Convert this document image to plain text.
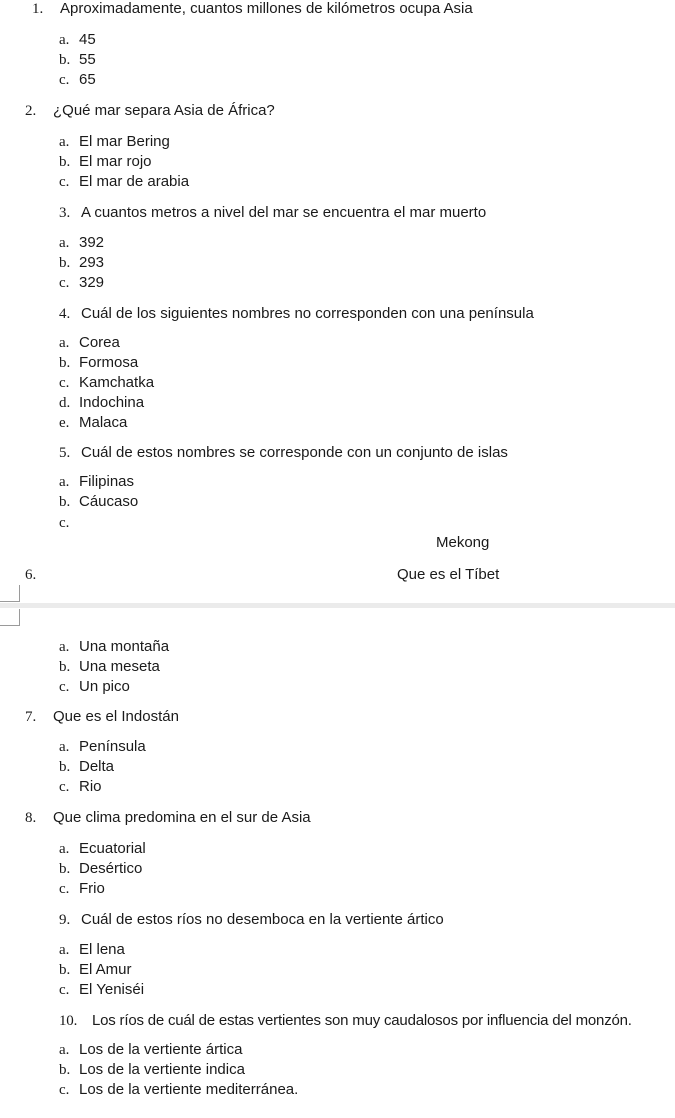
1. Aproximadamente, cuantos millones de kilómetros ocupa Asia
a. 45
b. 55
c. 65
2. ¿Qué mar separa Asia de África?
a. El mar Bering
b. El mar rojo
c. El mar de arabia
3. A cuantos metros a nivel del mar se encuentra el mar muerto
a. 392
b. 293
c. 329
4. Cuál de los siguientes nombres no corresponden con una península
a. Corea
b. Formosa
c. Kamchatka
d. Indochina
e. Malaca
5. Cuál de estos nombres se corresponde con un conjunto de islas
a. Filipinas
b. Cáucaso
c.
Mekong
6.	Que es el Tíbet
a. Una montaña
b. Una meseta
c. Un pico
7. Que es el Indostán
a. Península
b. Delta
c. Rio
8. Que clima predomina en el sur de Asia
a. Ecuatorial
b. Desértico
c. Frio
9. Cuál de estos ríos no desemboca en la vertiente ártico
a. El lena
b. El Amur
c. El Yeniséi
10. Los ríos de cuál de estas vertientes son muy caudalosos por influencia del monzón.
a. Los de la vertiente ártica
b. Los de la vertiente indica
c. Los de la vertiente mediterránea.
